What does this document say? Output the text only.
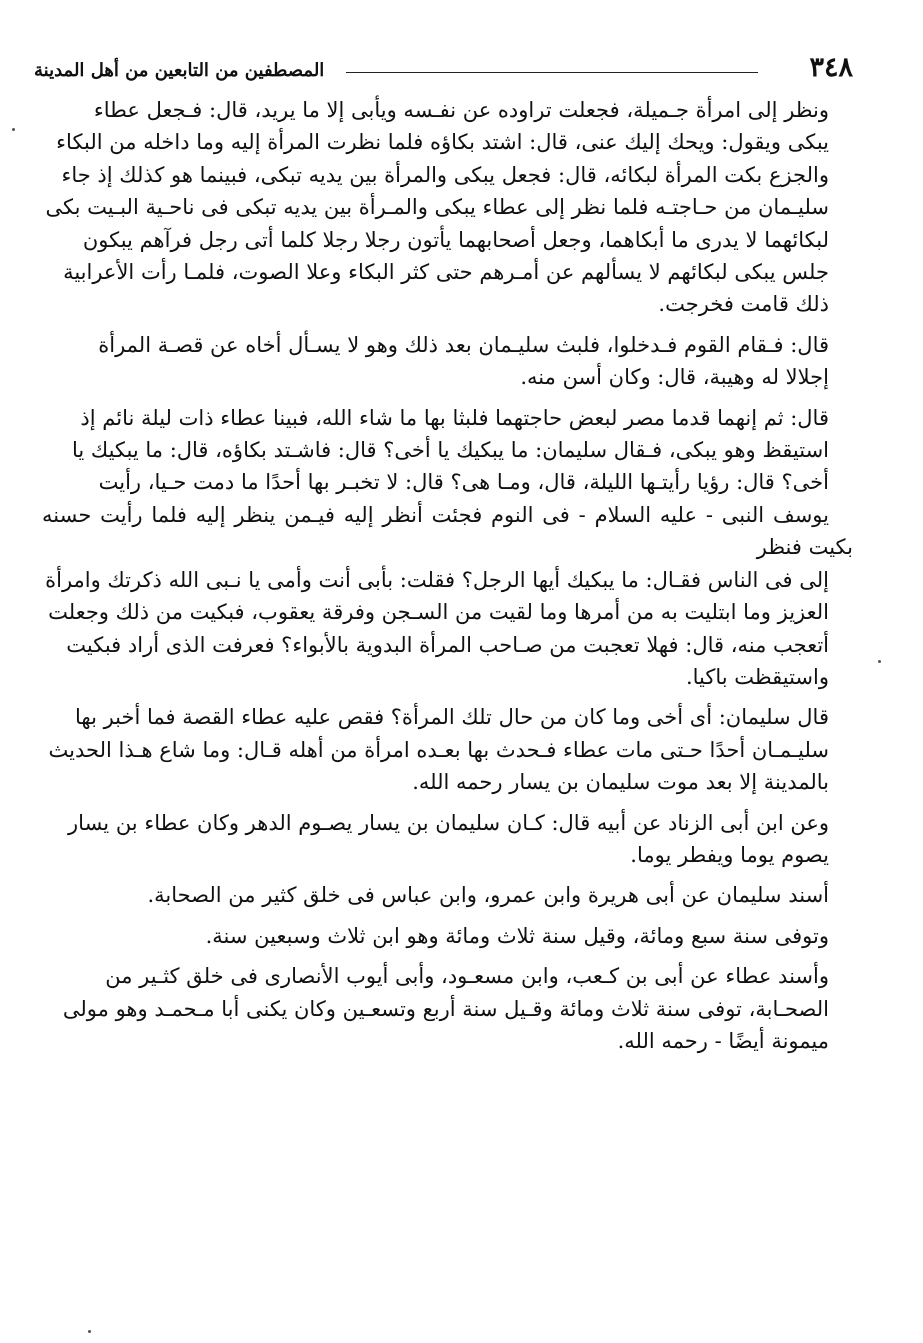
المصطفين من التابعين من أهل المدينة	٣٤٨

ونظر إلى امرأة جـميلة، فجعلت تراوده عن نفـسه ويأبى إلا ما يريد، قال: فـجعل عطاء
يبكى ويقول: ويحك إليك عنى، قال: اشتد بكاؤه فلما نظرت المرأة إليه وما داخله من البكاء
والجزع بكت المرأة لبكائه، قال: فجعل يبكى والمرأة بين يديه تبكى، فبينما هو كذلك إذ جاء
سليـمان من حـاجتـه فلما نظر إلى عطاء يبكى والمـرأة بين يديه تبكى فى ناحـية البـيت بكى
لبكائهما لا يدرى ما أبكاهما، وجعل أصحابهما يأتون رجلا رجلا كلما أتى رجل فرآهم يبكون
جلس يبكى لبكائهم لا يسألهم عن أمـرهم حتى كثر البكاء وعلا الصوت، فلمـا رأت الأعرابية
ذلك قامت فخرجت.

قال: فـقام القوم فـدخلوا، فلبث سليـمان بعد ذلك وهو لا يسـأل أخاه عن قصـة المرأة
إجلالا له وهيبة، قال: وكان أسن منه.

قال: ثم إنهما قدما مصر لبعض حاجتهما فلبثا بها ما شاء الله، فبينا عطاء ذات ليلة نائم إذ
استيقظ وهو يبكى، فـقال سليمان: ما يبكيك يا أخى؟ قال: فاشـتد بكاؤه، قال: ما يبكيك يا
أخى؟ قال: رؤيا رأيتـها الليلة، قال، ومـا هى؟ قال: لا تخبـر بها أحدًا ما دمت حـيا، رأيت
يوسف النبى - عليه السلام - فى النوم فجئت أنظر إليه فيـمن ينظر إليه فلما رأيت حسنه بكيت فنظر
إلى فى الناس فقـال: ما يبكيك أيها الرجل؟ فقلت: بأبى أنت وأمى يا نـبى الله ذكرتك وامرأة
العزيز وما ابتليت به من أمرها وما لقيت من السـجن وفرقة يعقوب، فبكيت من ذلك وجعلت
أتعجب منه، قال: فهلا تعجبت من صـاحب المرأة البدوية بالأبواء؟ فعرفت الذى أراد فبكيت
واستيقظت باكيا.

قال سليمان: أى أخى وما كان من حال تلك المرأة؟ فقص عليه عطاء القصة فما أخبر بها
سليـمـان أحدًا حـتى مات عطاء فـحدث بها بعـده امرأة من أهله قـال: وما شاع هـذا الحديث
بالمدينة إلا بعد موت سليمان بن يسار رحمه الله.

وعن ابن أبى الزناد عن أبيه قال: كـان سليمان بن يسار يصـوم الدهر وكان عطاء بن يسار
يصوم يوما ويفطر يوما.

أسند سليمان عن أبى هريرة وابن عمرو، وابن عباس فى خلق كثير من الصحابة.

وتوفى سنة سبع ومائة، وقيل سنة ثلاث ومائة وهو ابن ثلاث وسبعين سنة.

وأسند عطاء عن أبى بن كـعب، وابن مسعـود، وأبى أيوب الأنصارى فى خلق كثـير من
الصحـابة، توفى سنة ثلاث ومائة وقـيل سنة أربع وتسعـين وكان يكنى أبا مـحمـد وهو مولى
ميمونة أيضًا - رحمه الله.
